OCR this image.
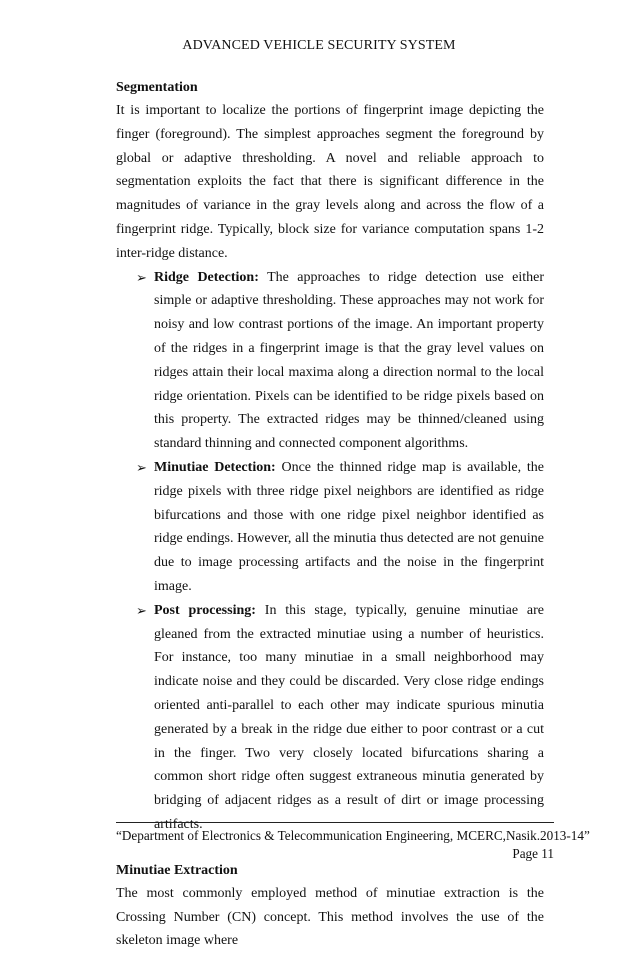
ADVANCED VEHICLE SECURITY SYSTEM
Segmentation

It is important to localize the portions of fingerprint image depicting the finger (foreground). The simplest approaches segment the foreground by global or adaptive thresholding. A novel and reliable approach to segmentation exploits the fact that there is significant difference in the magnitudes of variance in the gray levels along and across the flow of a fingerprint ridge. Typically, block size for variance computation spans 1-2 inter-ridge distance.

➢ Ridge Detection: The approaches to ridge detection use either simple or adaptive thresholding. These approaches may not work for noisy and low contrast portions of the image. An important property of the ridges in a fingerprint image is that the gray level values on ridges attain their local maxima along a direction normal to the local ridge orientation. Pixels can be identified to be ridge pixels based on this property. The extracted ridges may be thinned/cleaned using standard thinning and connected component algorithms.
➢ Minutiae Detection: Once the thinned ridge map is available, the ridge pixels with three ridge pixel neighbors are identified as ridge bifurcations and those with one ridge pixel neighbor identified as ridge endings. However, all the minutia thus detected are not genuine due to image processing artifacts and the noise in the fingerprint image.
➢ Post processing: In this stage, typically, genuine minutiae are gleaned from the extracted minutiae using a number of heuristics. For instance, too many minutiae in a small neighborhood may indicate noise and they could be discarded. Very close ridge endings oriented anti-parallel to each other may indicate spurious minutia generated by a break in the ridge due either to poor contrast or a cut in the finger. Two very closely located bifurcations sharing a common short ridge often suggest extraneous minutia generated by bridging of adjacent ridges as a result of dirt or image processing artifacts.
Minutiae Extraction

The most commonly employed method of minutiae extraction is the Crossing Number (CN) concept. This method involves the use of the skeleton image where

“Department of Electronics & Telecommunication Engineering, MCERC,Nasik.2013-14”
Page 11
